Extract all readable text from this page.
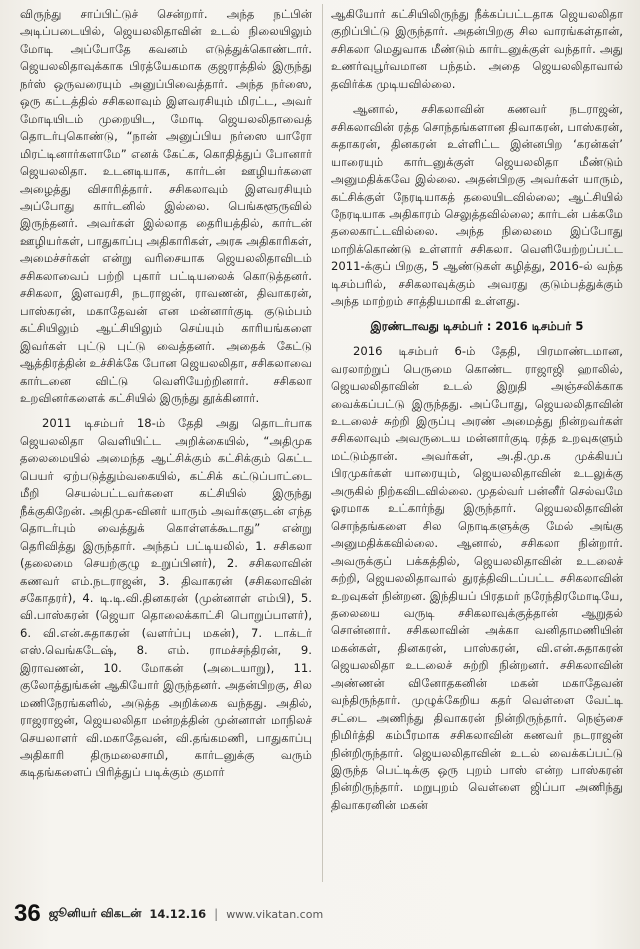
விருந்து சாப்பிட்டுச் சென்றார். அந்த நட்பின் அடிப்படையில், ஜெயலலிதாவின் உடல் நிலையிலும் மோடி அப்போதே கவனம் எடுத்துக்கொண்டார். ஜெயலலிதாவுக்காக பிரத்யேகமாக குஜராத்தில் இருந்து நர்ஸ் ஒருவரையும் அனுப்பிவைத்தார். அந்த நர்ஸை, ஒரு கட்டத்தில் சசிகலாவும் இளவரசியும் மிரட்ட, அவர் மோடியிடம் முறையிட, மோடி ஜெயலலிதாவைத் தொடர்புகொண்டு, “நான் அனுப்பிய நர்ஸை யாரோ மிரட்டினார்களாமே” எனக் கேட்க, கொதித்துப் போனார் ஜெயலலிதா. உடனடியாக, கார்டன் ஊழியர்களை அழைத்து விசாரித்தார். சசிகலாவும் இளவரசியும் அப்போது கார்டனில் இல்லை. பெங்களூருவில் இருந்தனர். அவர்கள் இல்லாத தைரியத்தில், கார்டன் ஊழியர்கள், பாதுகாப்பு அதிகாரிகள், அரசு அதிகாரிகள், அமைச்சர்கள் என்று வரிசையாக ஜெயலலிதாவிடம் சசிகலாவைப் பற்றி புகார் பட்டியலைக் கொடுத்தனர். சசிகலா, இளவரசி, நடராஜன், ராவணன், திவாகரன், பாஸ்கரன், மகாதேவன் என மன்னார்குடி குடும்பம் கட்சியிலும் ஆட்சியிலும் செய்யும் காரியங்களை இவர்கள் புட்டு புட்டு வைத்தனர். அதைக் கேட்டு ஆத்திரத்தின் உச்சிக்கே போன ஜெயலலிதா, சசிகலாவை கார்டனை விட்டு வெளியேற்றினார். சசிகலா உறவினர்களைக் கட்சியில் இருந்து தூக்கினார்.

2011 டிசம்பர் 18-ம் தேதி அது தொடர்பாக ஜெயலலிதா வெளியிட்ட அறிக்கையில், “அதிமுக தலைமையில் அமைந்த ஆட்சிக்கும் கட்சிக்கும் கெட்ட பெயர் ஏற்படுத்தும்வகையில், கட்சிக் கட்டுப்பாட்டை மீறி செயல்பட்டவர்களை கட்சியில் இருந்து நீக்குகிறேன். அதிமுக-வினர் யாரும் அவர்களுடன் எந்த தொடர்பும் வைத்துக் கொள்ளக்கூடாது” என்று தெரிவித்து இருந்தார். அந்தப் பட்டியலில், 1. சசிகலா (தலைமை செயற்குழு உறுப்பினர்), 2. சசிகலாவின் கணவர் எம்.நடராஜன், 3. திவாகரன் (சசிகலாவின் சகோதரர்), 4. டி.டி.வி.தினகரன் (முன்னாள் எம்பி), 5. வி.பாஸ்கரன் (ஜெயா தொலைக்காட்சி பொறுப்பாளர்), 6. வி.என்.சுதாகரன் (வளர்ப்பு மகன்), 7. டாக்டர் எஸ்.வெங்கடேஷ், 8. எம். ராமச்சந்திரன், 9. இராவணன், 10. மோகன் (அடையாறு), 11. குலோத்துங்கன் ஆகியோர் இருந்தனர். அதன்பிறகு, சில மணிநேரங்களில், அடுத்த அறிக்கை வந்தது. அதில், ராஜராஜன், ஜெயலலிதா மன்றத்தின் முன்னாள் மாநிலச் செயலாளர் வி.மகாதேவன், வி.தங்கமணி, பாதுகாப்பு அதிகாரி திருமலைசாமி, கார்டனுக்கு வரும் கடிதங்களைப் பிரித்துப் படிக்கும் குமார்

ஆகியோர் கட்சியிலிருந்து நீக்கப்பட்டதாக ஜெயலலிதா குறிப்பிட்டு இருந்தார். அதன்பிறகு சில வாரங்கள்தான், சசிகலா மெதுவாக மீண்டும் கார்டனுக்குள் வந்தார். அது உணர்வுபூர்வமான பந்தம். அதை ஜெயலலிதாவால் தவிர்க்க முடியவில்லை.

ஆனால், சசிகலாவின் கணவர் நடராஜன், சசிகலாவின் ரத்த சொந்தங்களான திவாகரன், பாஸ்கரன், சுதாகரன், தினகரன் உள்ளிட்ட இன்னபிற ‘கரன்கள்’ யாரையும் கார்டனுக்குள் ஜெயலலிதா மீண்டும் அனுமதிக்கவே இல்லை. அதன்பிறகு அவர்கள் யாரும், கட்சிக்குள் நேரடியாகத் தலையிடவில்லை; ஆட்சியில் நேரடியாக அதிகாரம் செலுத்தவில்லை; கார்டன் பக்கமே தலைகாட்டவில்லை. அந்த நிலைமை இப்போது மாறிக்கொண்டு உள்ளார் சசிகலா. வெளியேற்றப்பட்ட 2011-க்குப் பிறகு, 5 ஆண்டுகள் கழித்து, 2016-ல் வந்த டிசம்பரில், சசிகலாவுக்கும் அவரது குடும்பத்துக்கும் அந்த மாற்றம் சாத்தியமாகி உள்ளது.

இரண்டாவது டிசம்பர் : 2016 டிசம்பர் 5

2016 டிசம்பர் 6-ம் தேதி, பிரமாண்டமான, வரலாற்றுப் பெருமை கொண்ட ராஜாஜி ஹாலில், ஜெயலலிதாவின் உடல் இறுதி அஞ்சலிக்காக வைக்கப்பட்டு இருந்தது. அப்போது, ஜெயலலிதாவின் உடலைச் சுற்றி இருப்பு அரண் அமைத்து நின்றவர்கள் சசிகலாவும் அவருடைய மன்னார்குடி ரத்த உறவுகளும் மட்டும்தான். அவர்கள், அ.தி.மு.க முக்கியப் பிரமுகர்கள் யாரையும், ஜெயலலிதாவின் உடலுக்கு அருகில் நிற்கவிடவில்லை. முதல்வர் பன்னீர் செல்வமே ஓரமாக உட்கார்ந்து இருந்தார். ஜெயலலிதாவின் சொந்தங்களை சில நொடிகளுக்கு மேல் அங்கு அனுமதிக்கவில்லை. ஆனால், சசிகலா நின்றார். அவருக்குப் பக்கத்தில், ஜெயலலிதாவின் உடலைச் சுற்றி, ஜெயலலிதாவால் துரத்திவிடப்பட்ட சசிகலாவின் உறவுகள் நின்றன. இந்தியப் பிரதமர் நரேந்திரமோடியே, தலையை வருடி சசிகலாவுக்குத்தான் ஆறுதல் சொன்னார். சசிகலாவின் அக்கா வனிதாமணியின் மகன்கள், தினகரன், பாஸ்கரன், வி.என்.சுதாகரன் ஜெயலலிதா உடலைச் சுற்றி நின்றனர். சசிகலாவின் அண்ணன் வினோதகனின் மகன் மகாதேவன் வந்திருந்தார். முழுக்கேறிய கதர் வெள்ளை வேட்டி சட்டை அணிந்து திவாகரன் நின்றிருந்தார். நெஞ்சை நிமிர்த்தி கம்பீரமாக சசிகலாவின் கணவர் நடராஜன் நின்றிருந்தார். ஜெயலலிதாவின் உடல் வைக்கப்பட்டு இருந்த பெட்டிக்கு ஒரு புறம் பாஸ் என்ற பாஸ்கரன் நின்றிருந்தார். மறுபுறம் வெள்ளை ஜிப்பா அணிந்து திவாகரனின் மகன்

36 ஜூனியர் விகடன் 14.12.16 | www.vikatan.com
